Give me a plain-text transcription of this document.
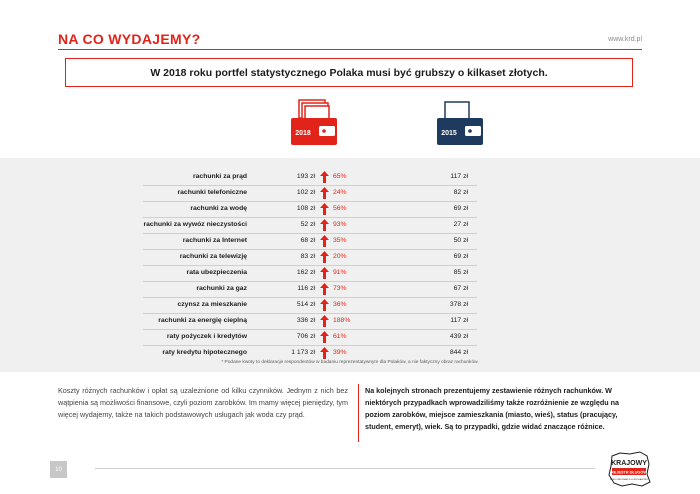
NA CO WYDAJEMY?	www.krd.pl
W 2018 roku portfel statystycznego Polaka musi być grubszy o kilkaset złotych.
2018	2015
rachunki za prąd	193 zł	65%	117 zł
rachunki telefoniczne	102 zł	24%	82 zł
rachunki za wodę	108 zł	56%	69 zł
rachunki za wywóz nieczystości	52 zł	93%	27 zł
rachunki za Internet	68 zł	35%	50 zł
rachunki za telewizję	83 zł	20%	69 zł
rata ubezpieczenia	162 zł	91%	85 zł
rachunki za gaz	116 zł	73%	67 zł
czynsz za mieszkanie	514 zł	36%	378 zł
rachunki za energię cieplną	336 zł	188%	117 zł
raty pożyczek i kredytów	706 zł	61%	439 zł
raty kredytu hipotecznego	1 173 zł	39%	844 zł
* Podane kwoty to deklaracje respondentów w badaniu reprezentatywnym dla Polaków, a nie faktyczny obraz rachunków.
Koszty różnych rachunków i opłat są uzależnione od kilku czynników. Jednym z nich bez wątpienia są możliwości finansowe, czyli poziom zarobków. Im mamy więcej pieniędzy, tym więcej wydajemy, także na takich podstawowych usługach jak woda czy prąd.
Na kolejnych stronach prezentujemy zestawienie różnych rachunków. W niektórych przypadkach wprowadziliśmy także rozróżnienie ze względu na poziom zarobków, miejsce zamieszkania (miasto, wieś), status (pracujący, student, emeryt), wiek. Są to przypadki, gdzie widać znaczące różnice.
10
KRAJOWY
REJESTR DŁUGÓW
BIURO INFORMACJI GOSPODARCZEJ
